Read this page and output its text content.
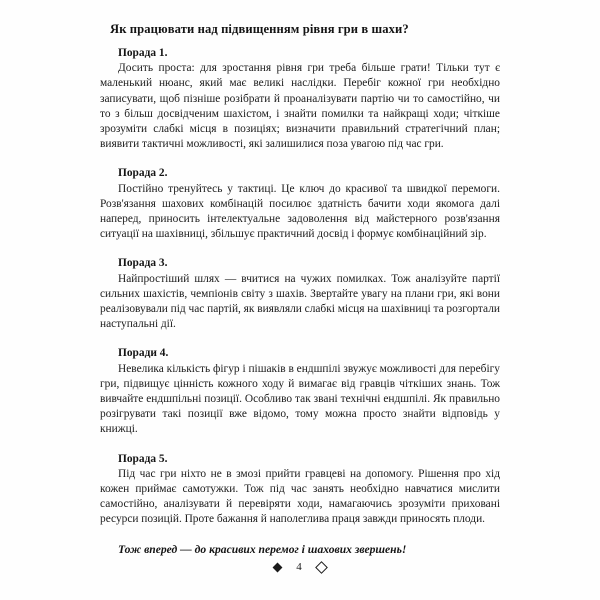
Як працювати над підвищенням рівня гри в шахи?
Порада 1.

Досить проста: для зростання рівня гри треба більше грати! Тільки тут є маленький нюанс, який має великі наслідки. Перебіг кожної гри необхідно записувати, щоб пізніше розібрати й проаналізувати партію чи то самостійно, чи то з більш досвідченим шахістом, і знайти помилки та найкращі ходи; чіткіше зрозуміти слабкі місця в позиціях; визначити правильний стратегічний план; виявити тактичні можливості, які залишилися поза увагою під час гри.

Порада 2.

Постійно тренуйтесь у тактиці. Це ключ до красивої та швидкої перемоги. Розв'язання шахових комбінацій посилює здатність бачити ходи якомога далі наперед, приносить інтелектуальне задоволення від майстерного розв'язання ситуації на шахівниці, збільшує практичний досвід і формує комбінаційний зір.

Порада 3.

Найпростіший шлях — вчитися на чужих помилках. Тож аналізуйте партії сильних шахістів, чемпіонів світу з шахів. Звертайте увагу на плани гри, які вони реалізовували під час партій, як виявляли слабкі місця на шахівниці та розгортали наступальні дії.

Поради 4.

Невелика кількість фігур і пішаків в ендшпілі звужує можливості для перебігу гри, підвищує цінність кожного ходу й вимагає від гравців чіткіших знань. Тож вивчайте ендшпільні позиції. Особливо так звані технічні ендшпілі. Як правильно розігрувати такі позиції вже відомо, тому можна просто знайти відповідь у книжці.

Порада 5.

Під час гри ніхто не в змозі прийти гравцеві на допомогу. Рішення про хід кожен приймає самотужки. Тож під час занять необхідно навчатися мислити самостійно, аналізувати й перевіряти ходи, намагаючись зрозуміти приховані ресурси позицій. Проте бажання й наполеглива праця завжди приносять плоди.

Тож вперед — до красивих перемог і шахових звершень!

4
